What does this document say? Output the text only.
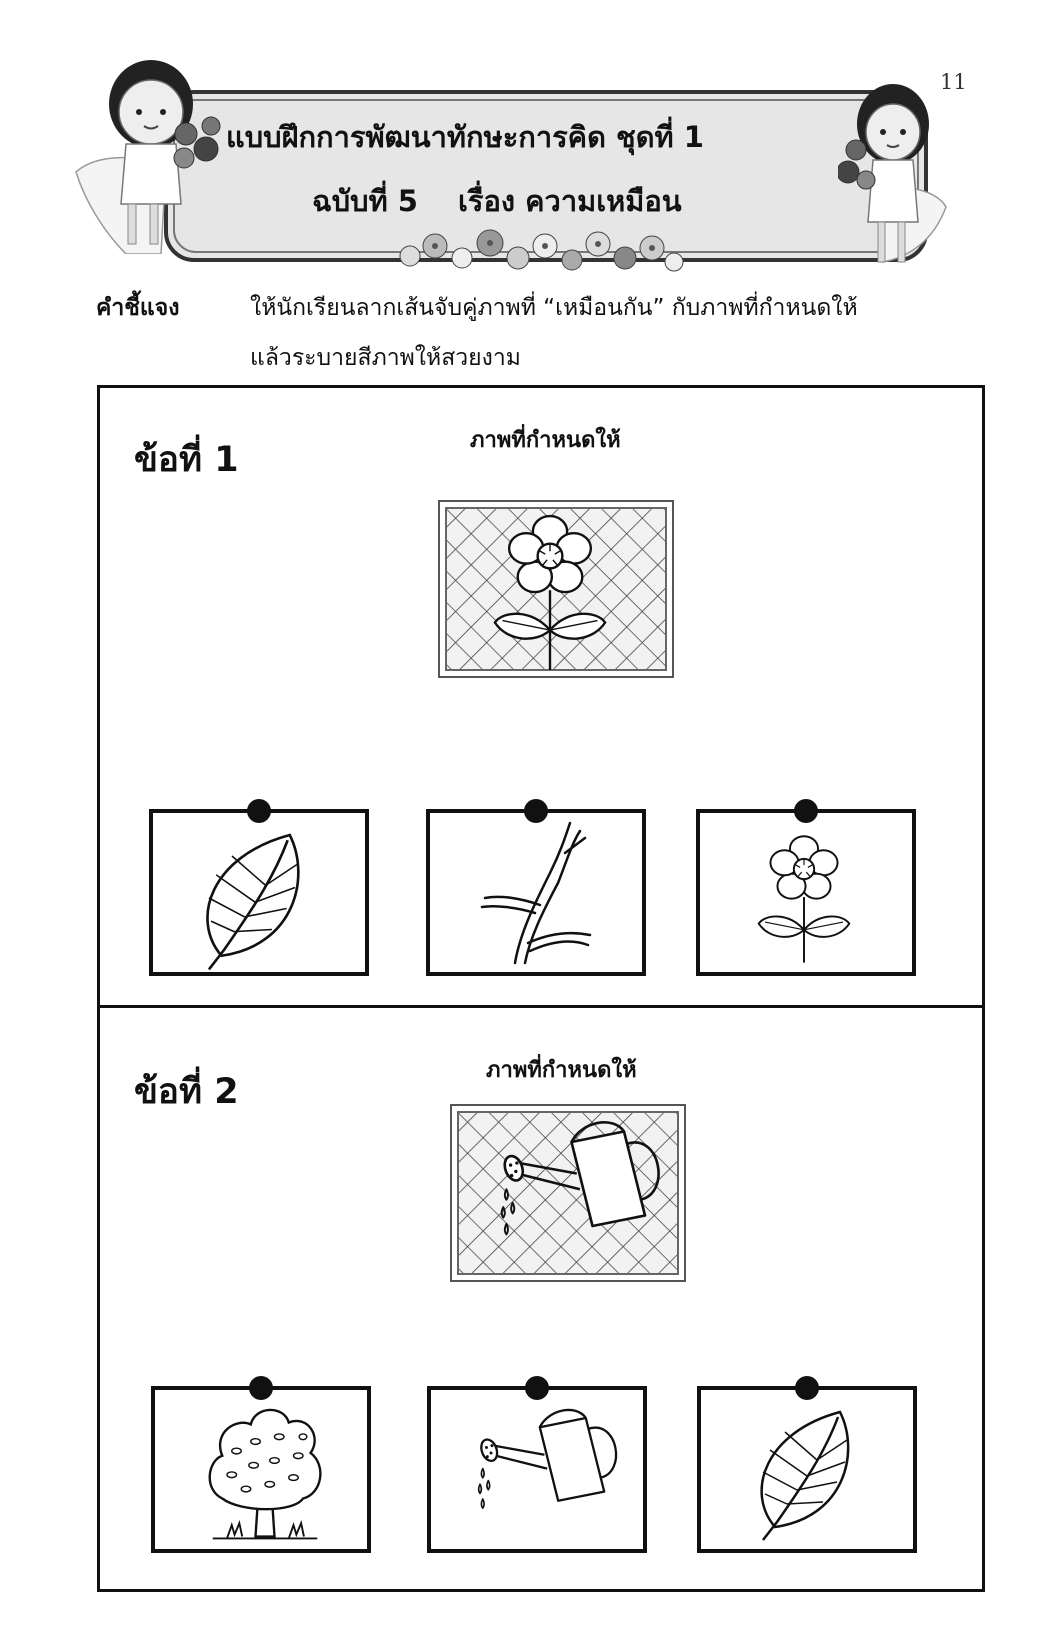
11
แบบฝึกการพัฒนาทักษะการคิด ชุดที่ 1
ฉบับที่ 5 เรื่อง ความเหมือน
คำชี้แจง	ให้นักเรียนลากเส้นจับคู่ภาพที่ “เหมือนกัน” กับภาพที่กำหนดให้
แล้วระบายสีภาพให้สวยงาม
ข้อที่ 1	ภาพที่กำหนดให้
ข้อที่ 2
ภาพที่กำหนดให้
